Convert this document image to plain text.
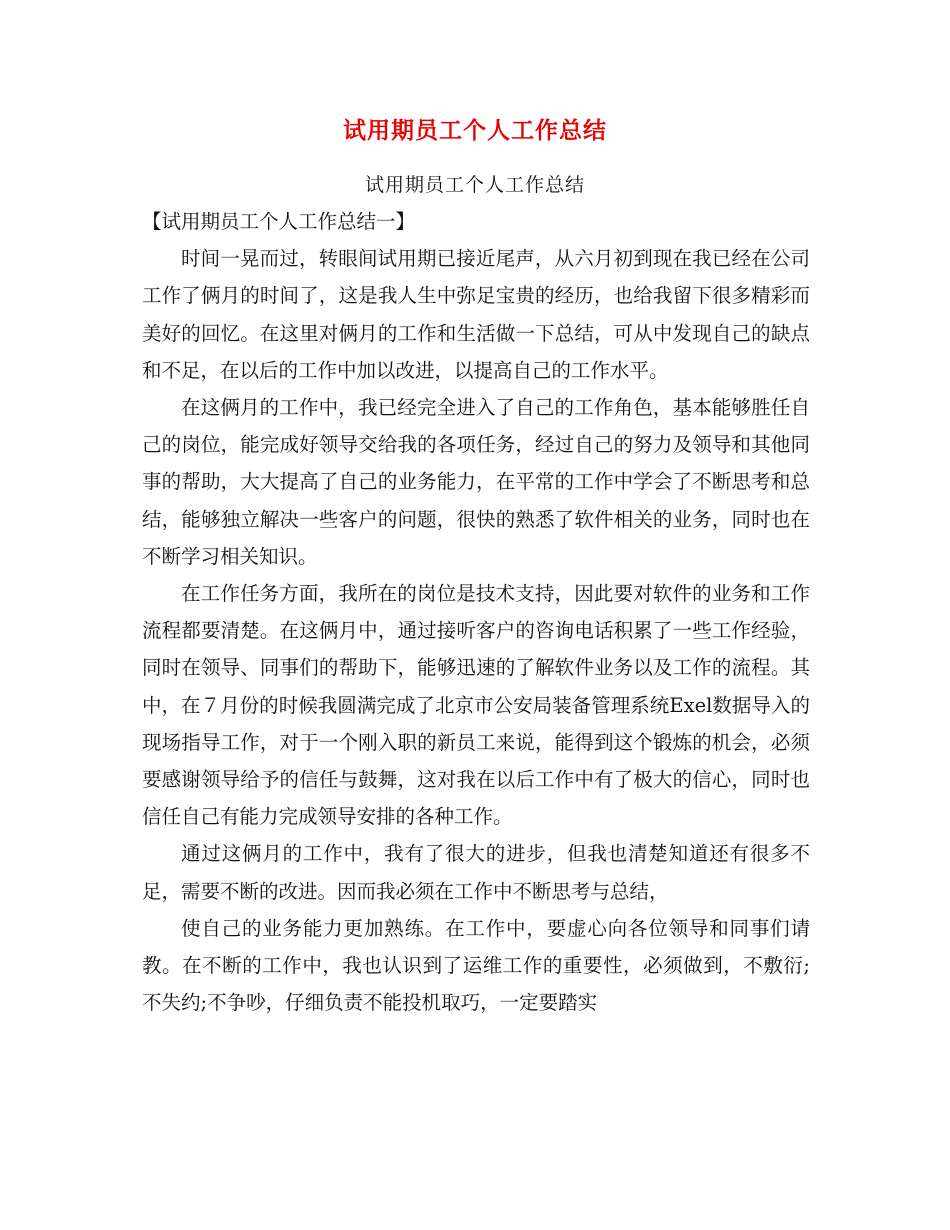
试用期员工个人工作总结
试用期员工个人工作总结

【试用期员工个人工作总结一】

时间一晃而过，转眼间试用期已接近尾声，从六月初到现在我已经在公司工作了俩月的时间了，这是我人生中弥足宝贵的经历，也给我留下很多精彩而美好的回忆。在这里对俩月的工作和生活做一下总结，可从中发现自己的缺点和不足，在以后的工作中加以改进，以提高自己的工作水平。

在这俩月的工作中，我已经完全进入了自己的工作角色，基本能够胜任自己的岗位，能完成好领导交给我的各项任务，经过自己的努力及领导和其他同事的帮助，大大提高了自己的业务能力，在平常的工作中学会了不断思考和总结，能够独立解决一些客户的问题，很快的熟悉了软件相关的业务，同时也在不断学习相关知识。

在工作任务方面，我所在的岗位是技术支持，因此要对软件的业务和工作流程都要清楚。在这俩月中，通过接听客户的咨询电话积累了一些工作经验，同时在领导、同事们的帮助下，能够迅速的了解软件业务以及工作的流程。其中，在７月份的时候我圆满完成了北京市公安局装备管理系统Exel数据导入的现场指导工作，对于一个刚入职的新员工来说，能得到这个锻炼的机会，必须要感谢领导给予的信任与鼓舞，这对我在以后工作中有了极大的信心，同时也信任自己有能力完成领导安排的各种工作。

通过这俩月的工作中，我有了很大的进步，但我也清楚知道还有很多不足，需要不断的改进。因而我必须在工作中不断思考与总结，

使自己的业务能力更加熟练。在工作中，要虚心向各位领导和同事们请教。在不断的工作中，我也认识到了运维工作的重要性，必须做到，不敷衍;不失约;不争吵，仔细负责不能投机取巧，一定要踏实
